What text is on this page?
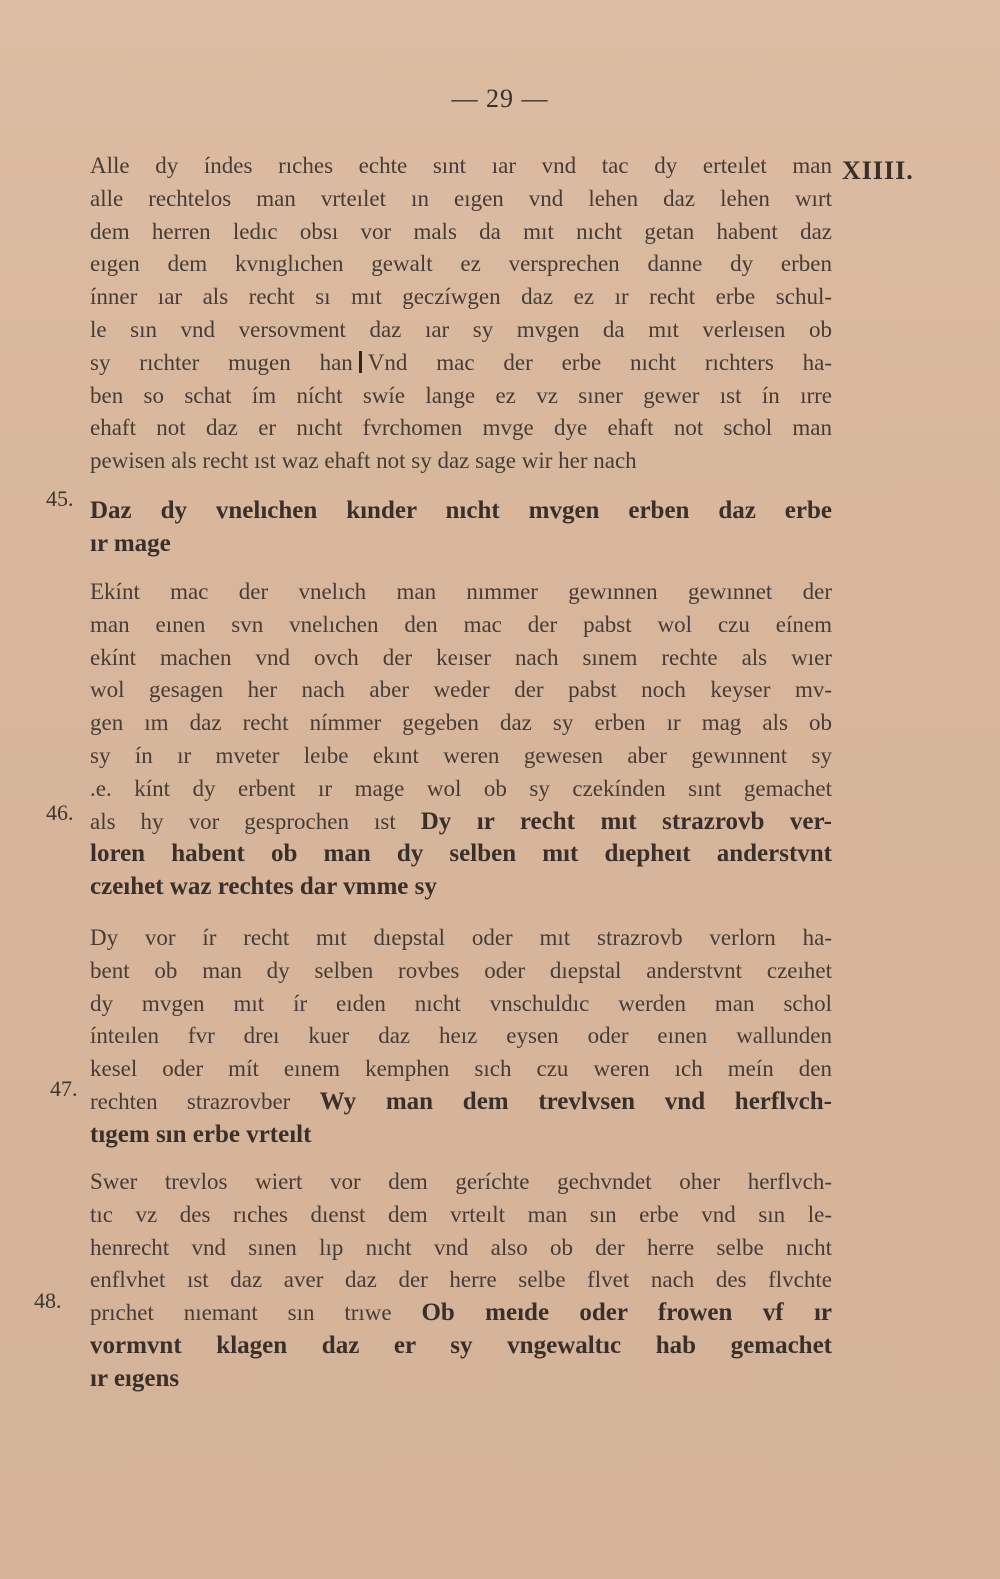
— 29 —
XIIII.
45.
46.
47.
48.
Alle dy índes rıches echte sınt ıar vnd tac dy erteılet man
alle rechtelos man vrteılet ın eıgen vnd lehen daz lehen wırt
dem herren ledıc obsı vor mals da mıt nıcht getan habent daz
eıgen dem kvnıglıchen gewalt ez versprechen danne dy erben
ínner ıar als recht sı mıt geczíwgen daz ez ır recht erbe schul-
le sın vnd versovment daz ıar sy mvgen da mıt verleısen ob
sy rıchter mugen han Vnd mac der erbe nıcht rıchters ha-
ben so schat ím nícht swíe lange ez vz sıner gewer ıst ín ırre
ehaft not daz er nıcht fvrchomen mvge dye ehaft not schol man
pewisen als recht ıst waz ehaft not sy daz sage wir her nach
Daz dy vnelıchen kınder nıcht mvgen erben daz erbe
ır mage
Ekínt mac der vnelıch man nımmer gewınnen gewınnet der
man eınen svn vnelıchen den mac der pabst wol czu eínem
ekínt machen vnd ovch der keıser nach sınem rechte als wıer
wol gesagen her nach aber weder der pabst noch keyser mv-
gen ım daz recht nímmer gegeben daz sy erben ır mag als ob
sy ín ır mveter leıbe ekınt weren gewesen aber gewınnent sy
.e. kínt dy erbent ır mage wol ob sy czekínden sınt gemachet
als hy vor gesprochen ıst Dy ır recht mıt strazrovb ver-
loren habent ob man dy selben mıt dıepheıt anderstvnt
czeıhet waz rechtes dar vmme sy
Dy vor ír recht mıt dıepstal oder mıt strazrovb verlorn ha-
bent ob man dy selben rovbes oder dıepstal anderstvnt czeıhet
dy mvgen mıt ír eıden nıcht vnschuldıc werden man schol
ínteılen fvr dreı kuer daz heız eysen oder eınen wallunden
kesel oder mít eınem kemphen sıch czu weren ıch meín den
rechten strazrovber Wy man dem trevlvsen vnd herflvch-
tıgem sın erbe vrteılt
Swer trevlos wiert vor dem geríchte gechvndet oher herflvch-
tıc vz des rıches dıenst dem vrteılt man sın erbe vnd sın le-
henrecht vnd sınen lıp nıcht vnd also ob der herre selbe nıcht
enflvhet ıst daz aver daz der herre selbe flvet nach des flvchte
prıchet nıemant sın trıwe Ob meıde oder frowen vf ır
vormvnt klagen daz er sy vngewaltıc hab gemachet
ır eıgens
